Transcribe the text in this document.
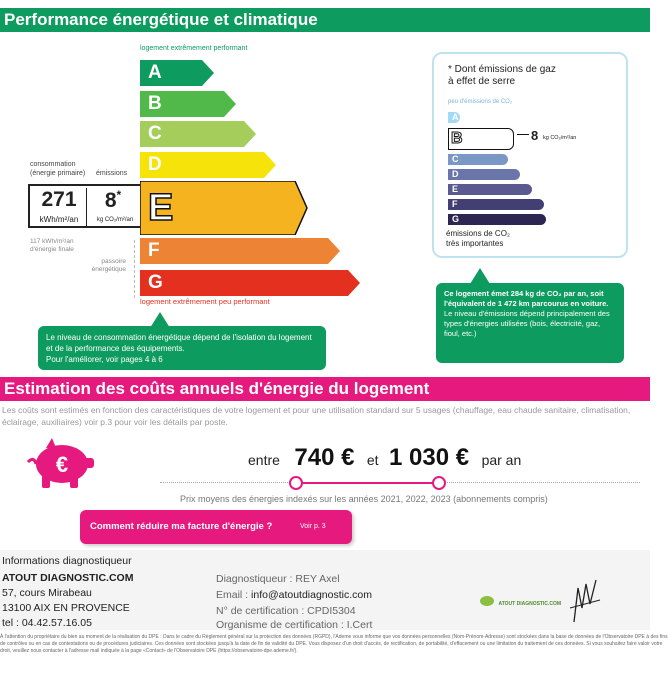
Performance énergétique et climatique
logement extrêmement performant
A
B
C
D
E
F
G
logement extrêmement peu performant
consommation
(énergie primaire) émissions
271
kWh/m²/an
8*
kg CO₂/m²/an
117 kWh/m²/an
d'énergie finale
passoire
énergétique
Le niveau de consommation énergétique dépend de l'isolation du logement et de la performance des équipements.
Pour l'améliorer, voir pages 4 à 6
* Dont émissions de gaz
à effet de serre
peu d'émissions de CO₂
A
B
C
D
E
F
G
8 kg CO₂/m²/an
émissions de CO₂
très importantes
Ce logement émet 284 kg de CO₂ par an, soit l'équivalent de 1 472 km parcourus en voiture.
Le niveau d'émissions dépend principalement des types d'énergies utilisées (bois, électricité, gaz, fioul, etc.)
Estimation des coûts annuels d'énergie du logement
Les coûts sont estimés en fonction des caractéristiques de votre logement et pour une utilisation standard sur 5 usages (chauffage, eau chaude sanitaire, climatisation, éclairage, auxiliaires) voir p.3 pour voir les détails par poste.
€	entre 740 € et 1 030 € par an
Prix moyens des énergies indexés sur les années 2021, 2022, 2023 (abonnements compris)
Comment réduire ma facture d'énergie ?	Voir p. 3
Informations diagnostiqueur
ATOUT DIAGNOSTIC.COM
57, cours Mirabeau
13100 AIX EN PROVENCE
tel : 04.42.57.16.05
Diagnostiqueur : REY Axel
Email : info@atoutdiagnostic.com
N° de certification : CPDI5304
Organisme de certification : I.Cert
ATOUT DIAGNOSTIC.COM
À l'attention du propriétaire du bien au moment de la réalisation du DPE : Dans le cadre du Règlement général sur la protection des données (RGPD), l'Ademe vous informe que vos données personnelles (Nom-Prénom-Adresse) sont stockées dans la base de données de l'Observatoire DPE à des fins de contrôles ou en cas de contestations ou de procédures judiciaires. Ces données sont stockées jusqu'à la date de fin de validité du DPE. Vous disposez d'un droit d'accès, de rectification, de portabilité, d'effacement ou une limitation du traitement de ces données. Si vous souhaitez faire valoir votre droit, veuillez nous contacter à l'adresse mail indiquée à la page «Contact» de l'Observatoire DPE (https://observatoire-dpe.ademe.fr/).
